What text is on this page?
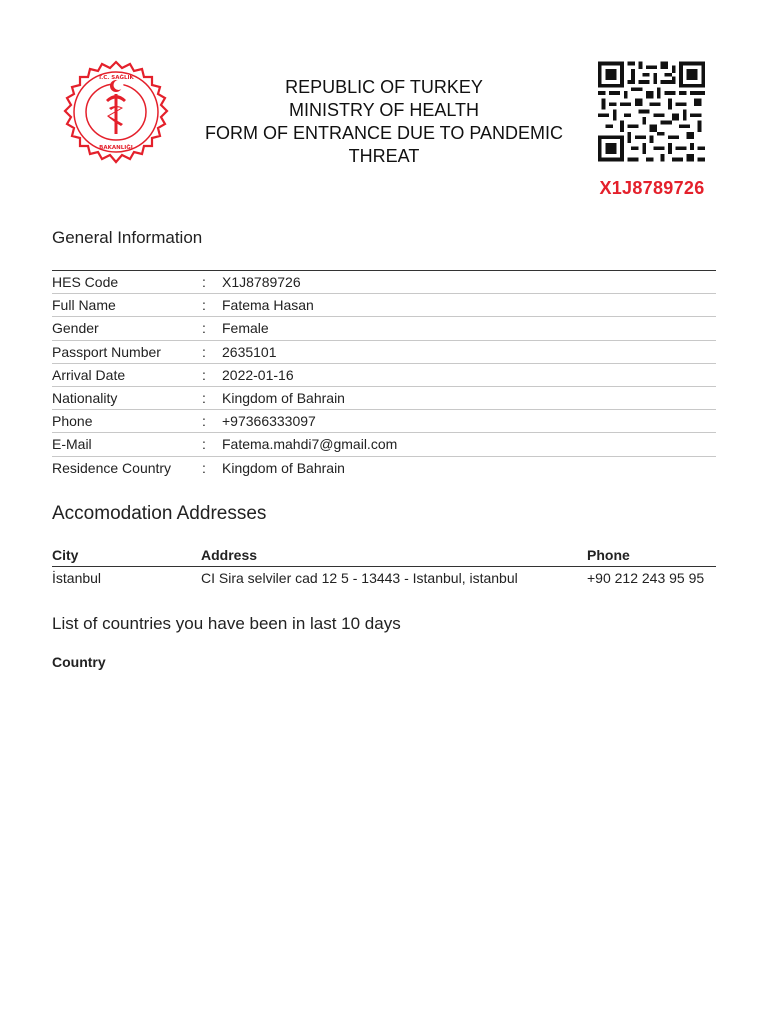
T.C. SAĞLIK
BAKANLIĞI
REPUBLIC OF TURKEY
MINISTRY OF HEALTH
FORM OF ENTRANCE DUE TO PANDEMIC
THREAT
X1J8789726
General Information
HES Code	:	X1J8789726
Full Name	:	Fatema Hasan
Gender	:	Female
Passport Number	:	2635101
Arrival Date	:	2022-01-16
Nationality	:	Kingdom of Bahrain
Phone	:	+97366333097
E-Mail	:	Fatema.mahdi7@gmail.com
Residence Country	:	Kingdom of Bahrain
Accomodation Addresses
City	Address	Phone
İstanbul	CI Sira selviler cad 12 5 - 13443 - Istanbul, istanbul	+90 212 243 95 95
List of countries you have been in last 10 days
Country
